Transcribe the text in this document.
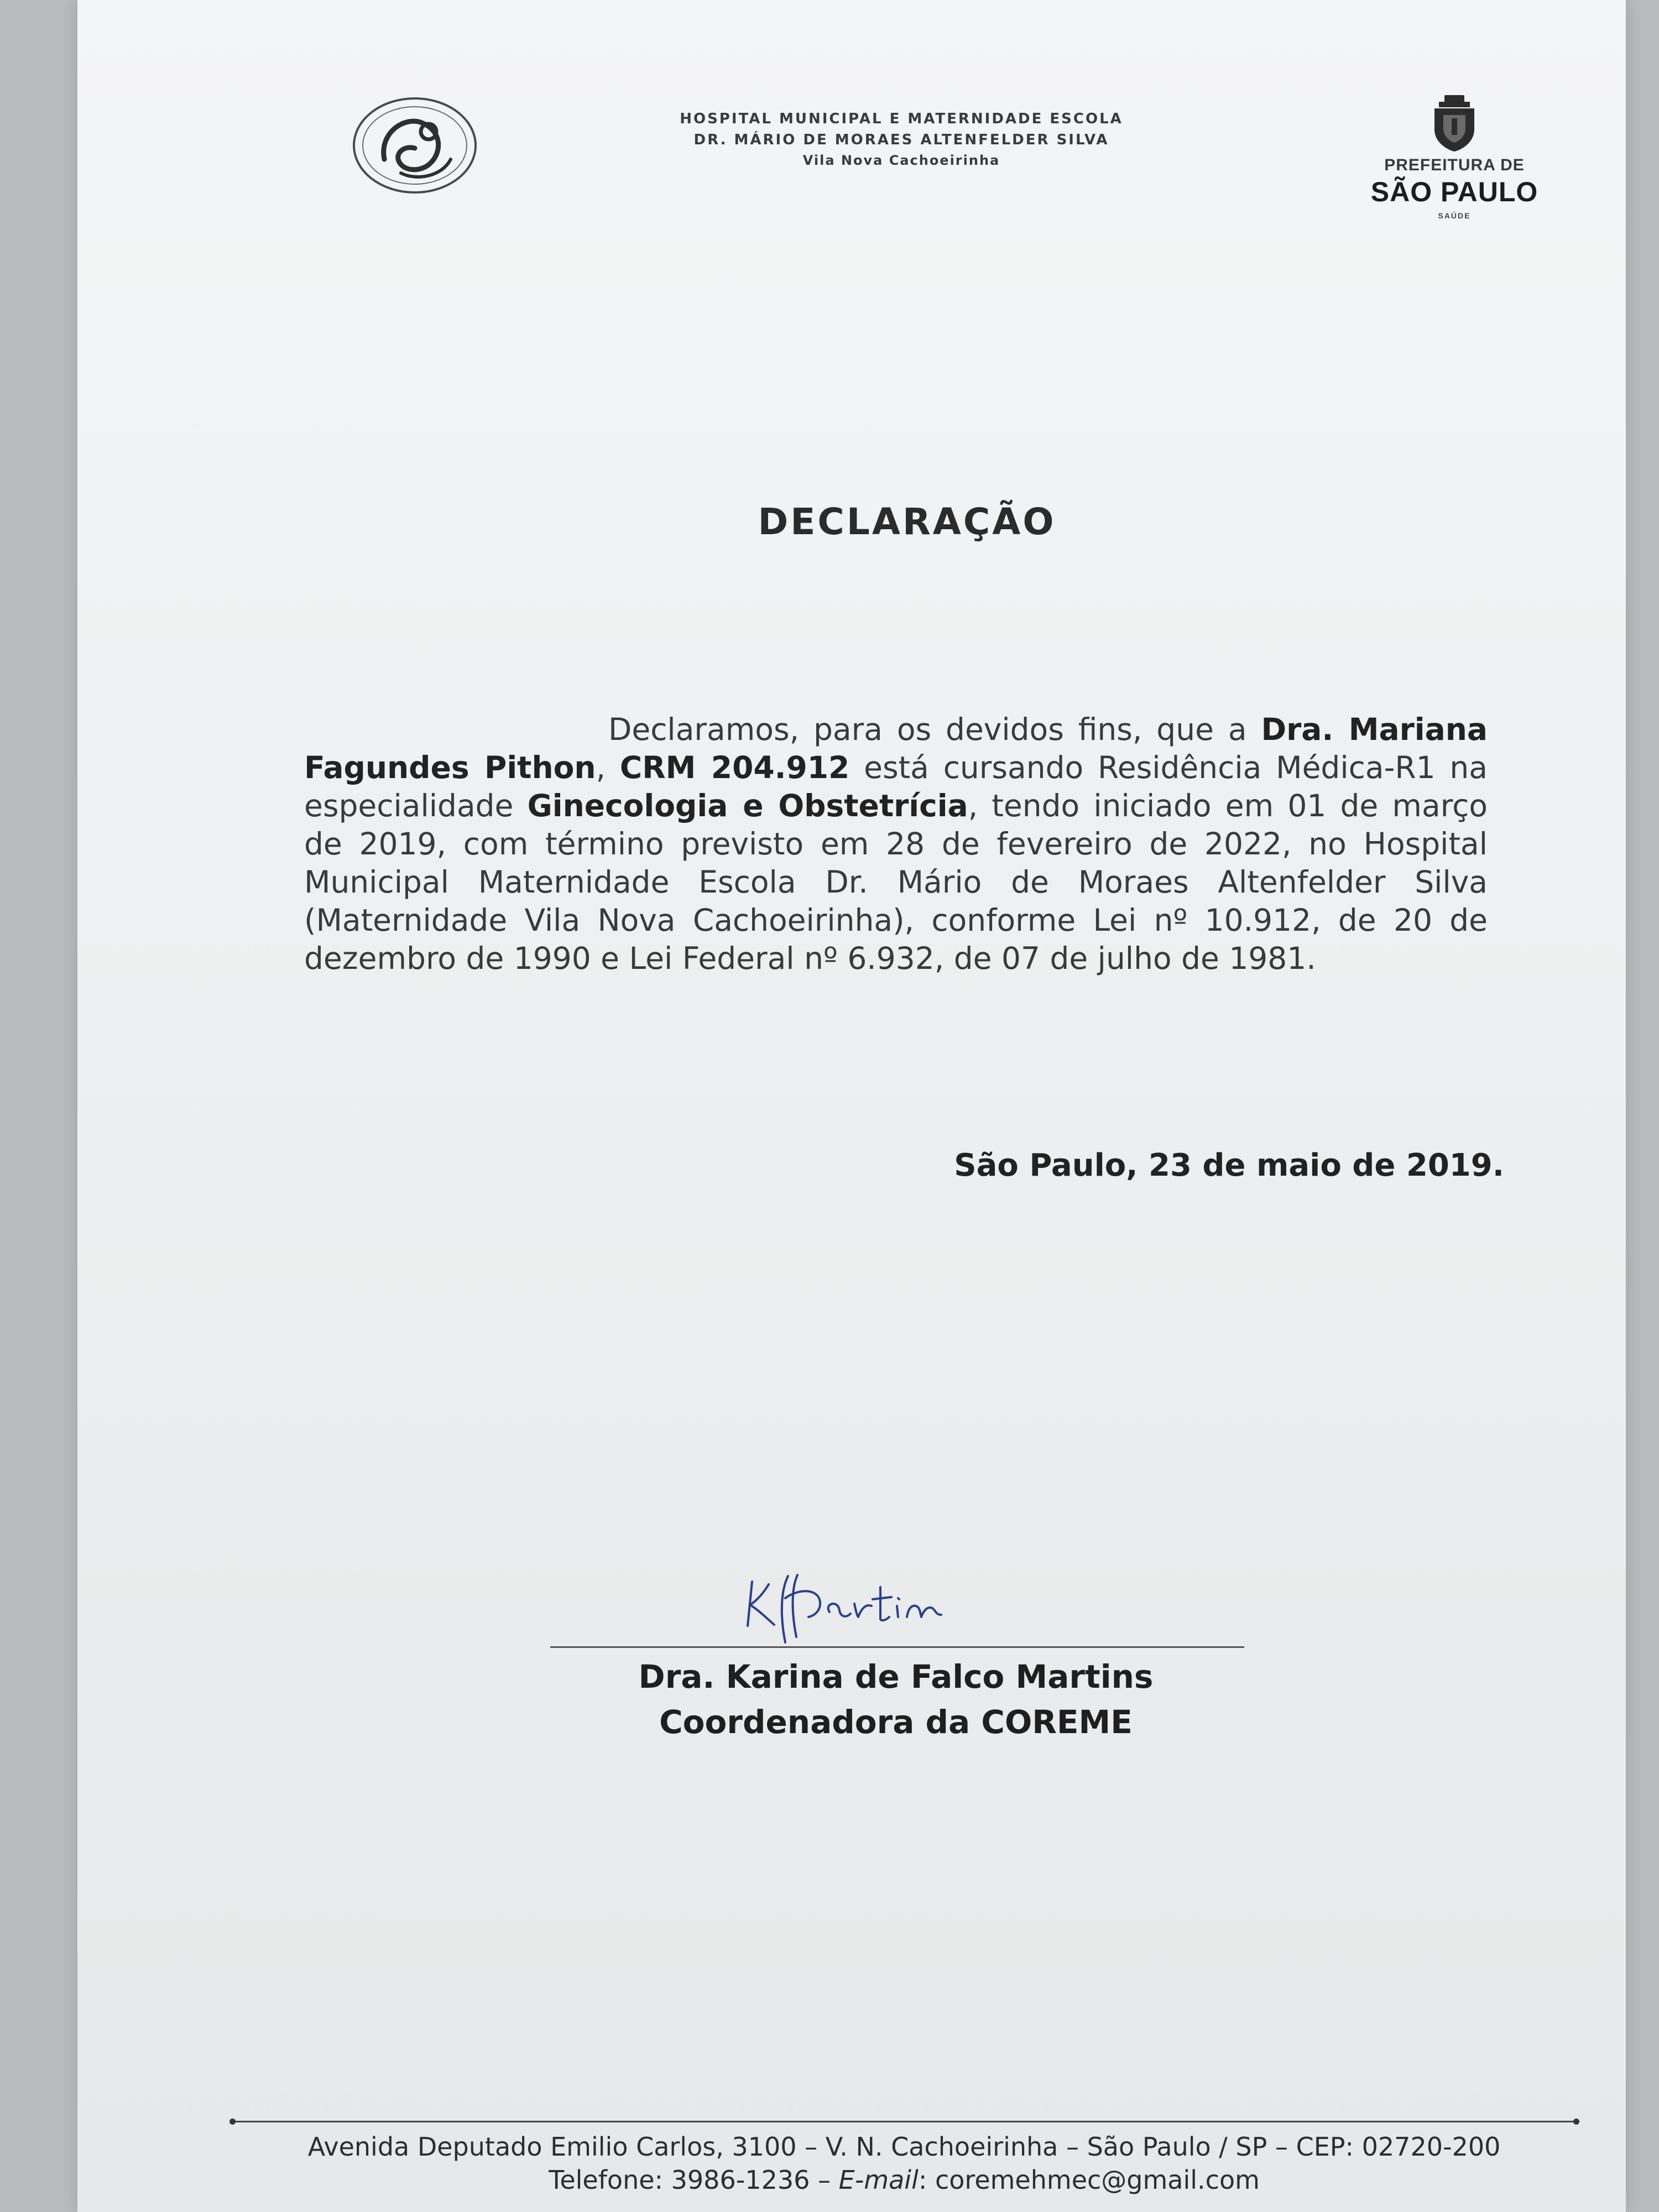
HOSPITAL MUNICIPAL E MATERNIDADE ESCOLA
DR. MÁRIO DE MORAES ALTENFELDER SILVA
Vila Nova Cachoeirinha	PREFEITURA DE
SÃO PAULO
SAÚDE
DECLARAÇÃO
Declaramos, para os devidos fins, que a Dra. Mariana Fagundes Pithon, CRM 204.912 está cursando Residência Médica-R1 na especialidade Ginecologia e Obstetrícia, tendo iniciado em 01 de março de 2019, com término previsto em 28 de fevereiro de 2022, no Hospital Municipal Maternidade Escola Dr. Mário de Moraes Altenfelder Silva (Maternidade Vila Nova Cachoeirinha), conforme Lei nº 10.912, de 20 de dezembro de 1990 e Lei Federal nº 6.932, de 07 de julho de 1981.
São Paulo, 23 de maio de 2019.
Dra. Karina de Falco Martins
Coordenadora da COREME
Avenida Deputado Emilio Carlos, 3100 – V. N. Cachoeirinha – São Paulo / SP – CEP: 02720-200
Telefone: 3986-1236 – E-mail: coremehmec@gmail.com
